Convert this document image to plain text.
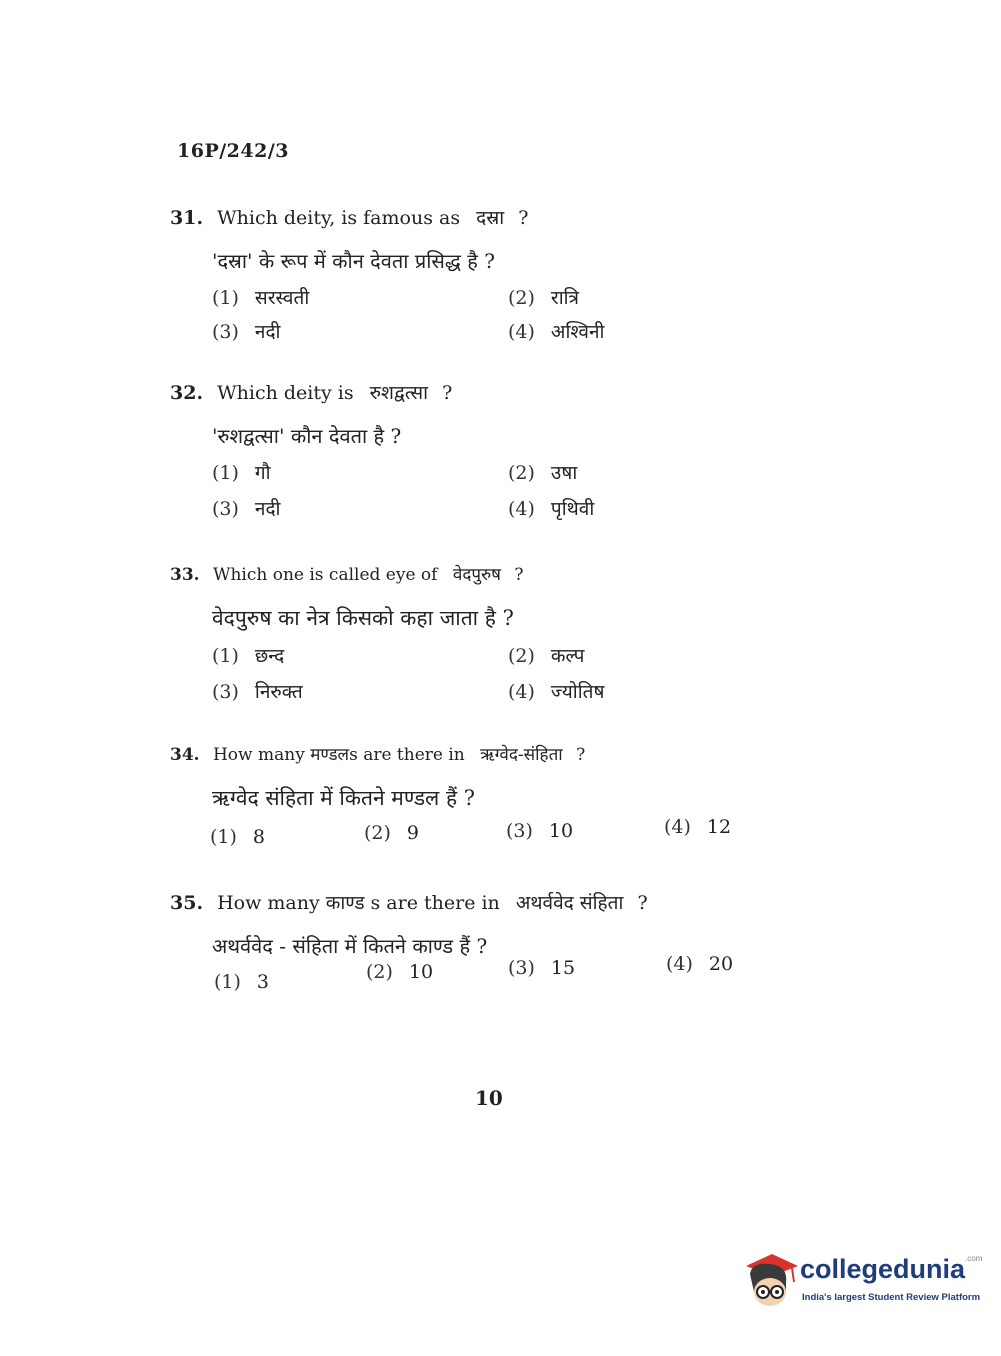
16P/242/3
31. Which deity, is famous as दस्रा ?
'दस्रा' के रूप में कौन देवता प्रसिद्ध है ?
(1) सरस्वती	(2) रात्रि
(3) नदी	(4) अश्विनी
32. Which deity is रुशद्वत्सा ?
'रुशद्वत्सा' कौन देवता है ?
(1) गौ	(2) उषा
(3) नदी	(4) पृथिवी
33. Which one is called eye of वेदपुरुष ?
वेदपुरुष का नेत्र किसको कहा जाता है ?
(1) छन्द	(2) कल्प
(3) निरुक्त	(4) ज्योतिष
34. How many मण्डलs are there in ऋग्वेद-संहिता ?
ऋग्वेद संहिता में कितने मण्डल हैं ?
(1) 8	(2) 9	(3) 10	(4) 12
35. How many काण्ड s are there in अथर्ववेद संहिता ?
अथर्ववेद - संहिता में कितने काण्ड हैं ?
(1) 3	(2) 10	(3) 15	(4) 20
10
collegedunia$^{.com}$
India's largest Student Review Platform
